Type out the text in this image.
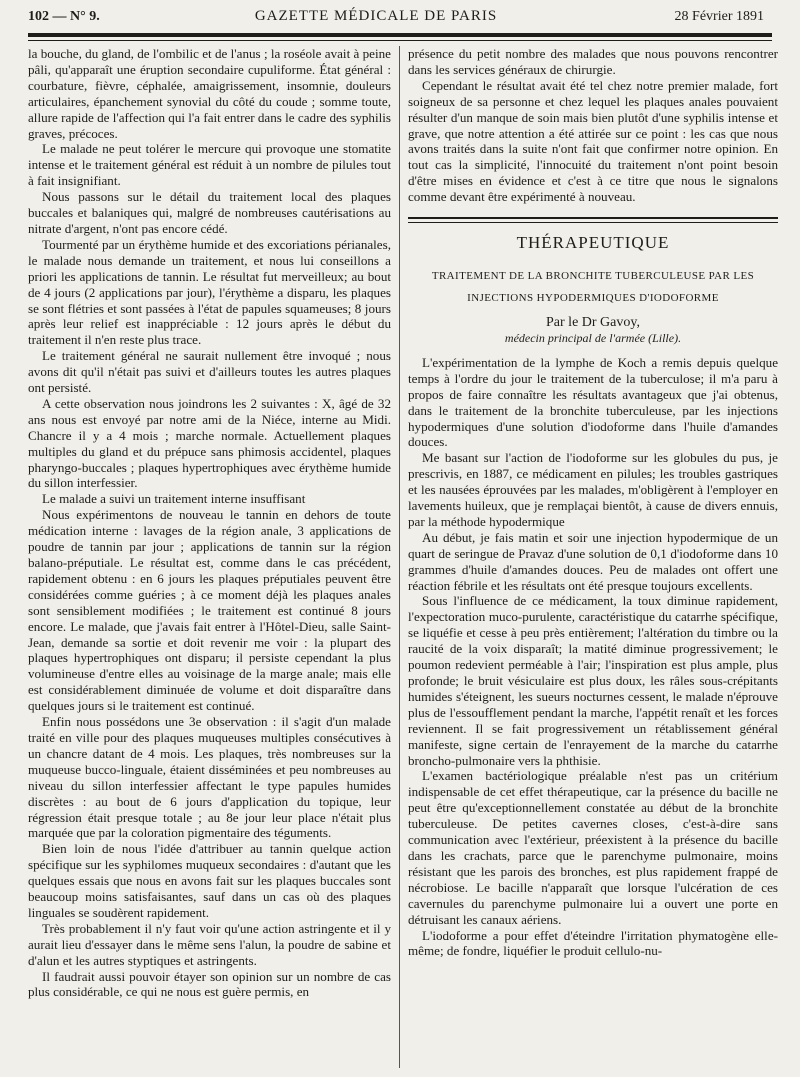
102 — N° 9.	GAZETTE MÉDICALE DE PARIS	28 Février 1891

la bouche, du gland, de l'ombilic et de l'anus ; la roséole avait à peine pâli, qu'apparaît une éruption secondaire cupuliforme. État général : courbature, fièvre, céphalée, amaigrissement, insomnie, douleurs articulaires, épanchement synovial du côté du coude ; somme toute, allure rapide de l'affection qui l'a fait entrer dans le cadre des syphilis graves, précoces.

Le malade ne peut tolérer le mercure qui provoque une stomatite intense et le traitement général est réduit à un nombre de pilules tout à fait insignifiant.

Nous passons sur le détail du traitement local des plaques buccales et balaniques qui, malgré de nombreuses cautérisations au nitrate d'argent, n'ont pas encore cédé.

Tourmenté par un érythème humide et des excoriations périanales, le malade nous demande un traitement, et nous lui conseillons a priori les applications de tannin. Le résultat fut merveilleux; au bout de 4 jours (2 applications par jour), l'érythème a disparu, les plaques se sont flétries et sont passées à l'état de papules squameuses; 8 jours après leur relief est inappréciable : 12 jours après le début du traitement il n'en reste plus trace.

Le traitement général ne saurait nullement être invoqué ; nous avons dit qu'il n'était pas suivi et d'ailleurs toutes les autres plaques ont persisté.

A cette observation nous joindrons les 2 suivantes : X, âgé de 32 ans nous est envoyé par notre ami de la Niéce, interne au Midi. Chancre il y a 4 mois ; marche normale. Actuellement plaques multiples du gland et du prépuce sans phimosis accidentel, plaques pharyngo-buccales ; plaques hypertrophiques avec érythème humide du sillon interfessier.

Le malade a suivi un traitement interne insuffisant

Nous expérimentons de nouveau le tannin en dehors de toute médication interne : lavages de la région anale, 3 applications de poudre de tannin par jour ; applications de tannin sur la région balano-préputiale. Le résultat est, comme dans le cas précédent, rapidement obtenu : en 6 jours les plaques préputiales peuvent être considérées comme guéries ; à ce moment déjà les plaques anales sont sensiblement modifiées ; le traitement est continué 8 jours encore. Le malade, que j'avais fait entrer à l'Hôtel-Dieu, salle Saint-Jean, demande sa sortie et doit revenir me voir : la plupart des plaques hypertrophiques ont disparu; il persiste cependant la plus volumineuse d'entre elles au voisinage de la marge anale; mais elle est considérablement diminuée de volume et doit disparaître dans quelques jours si le traitement est continué.

Enfin nous possédons une 3e observation : il s'agit d'un malade traité en ville pour des plaques muqueuses multiples consécutives à un chancre datant de 4 mois. Les plaques, très nombreuses sur la muqueuse bucco-linguale, étaient disséminées et peu nombreuses au niveau du sillon interfessier affectant le type papules humides discrètes : au bout de 6 jours d'application du topique, leur régression était presque totale ; au 8e jour leur place n'était plus marquée que par la coloration pigmentaire des téguments.

Bien loin de nous l'idée d'attribuer au tannin quelque action spécifique sur les syphilomes muqueux secondaires : d'autant que les quelques essais que nous en avons fait sur les plaques buccales sont beaucoup moins satisfaisantes, sauf dans un cas où des plaques linguales se soudèrent rapidement.

Très probablement il n'y faut voir qu'une action astringente et il y aurait lieu d'essayer dans le même sens l'alun, la poudre de sabine et d'alun et les autres styptiques et astringents.

Il faudrait aussi pouvoir étayer son opinion sur un nombre de cas plus considérable, ce qui ne nous est guère permis, en

présence du petit nombre des malades que nous pouvons rencontrer dans les services généraux de chirurgie.

Cependant le résultat avait été tel chez notre premier malade, fort soigneux de sa personne et chez lequel les plaques anales pouvaient résulter d'un manque de soin mais bien plutôt d'une syphilis intense et grave, que notre attention a été attirée sur ce point : les cas que nous avons traités dans la suite n'ont fait que confirmer notre opinion. En tout cas la simplicité, l'innocuité du traitement n'ont point besoin d'être mises en évidence et c'est à ce titre que nous le signalons comme devant être expérimenté à nouveau.

THÉRAPEUTIQUE
TRAITEMENT DE LA BRONCHITE TUBERCULEUSE PAR LES INJECTIONS HYPODERMIQUES D'IODOFORME
Par le Dr Gavoy,
médecin principal de l'armée (Lille).

L'expérimentation de la lymphe de Koch a remis depuis quelque temps à l'ordre du jour le traitement de la tuberculose; il m'a paru à propos de faire connaître les résultats avantageux que j'ai obtenus, dans le traitement de la bronchite tuberculeuse, par les injections hypodermiques d'une solution d'iodoforme dans l'huile d'amandes douces.

Me basant sur l'action de l'iodoforme sur les globules du pus, je prescrivis, en 1887, ce médicament en pilules; les troubles gastriques et les nausées éprouvées par les malades, m'obligèrent à l'employer en lavements huileux, que je remplaçai bientôt, à cause de divers ennuis, par la méthode hypodermique

Au début, je fais matin et soir une injection hypodermique de un quart de seringue de Pravaz d'une solution de 0,1 d'iodoforme dans 10 grammes d'huile d'amandes douces. Peu de malades ont offert une réaction fébrile et les résultats ont été presque toujours excellents.

Sous l'influence de ce médicament, la toux diminue rapidement, l'expectoration muco-purulente, caractéristique du catarrhe spécifique, se liquéfie et cesse à peu près entièrement; l'altération du timbre ou la raucité de la voix disparaît; la matité diminue progressivement; le poumon redevient perméable à l'air; l'inspiration est plus ample, plus profonde; le bruit vésiculaire est plus doux, les râles sous-crépitants humides s'éteignent, les sueurs nocturnes cessent, le malade n'éprouve plus de l'essoufflement pendant la marche, l'appétit renaît et les forces reviennent. Il se fait progressivement un rétablissement général manifeste, signe certain de l'enrayement de la marche du catarrhe broncho-pulmonaire vers la phthisie.

L'examen bactériologique préalable n'est pas un critérium indispensable de cet effet thérapeutique, car la présence du bacille ne peut être qu'exceptionnellement constatée au début de la bronchite tuberculeuse. De petites cavernes closes, c'est-à-dire sans communication avec l'extérieur, préexistent à la présence du bacille dans les crachats, parce que le parenchyme pulmonaire, moins résistant que les parois des bronches, est plus rapidement frappé de nécrobiose. Le bacille n'apparaît que lorsque l'ulcération de ces cavernules du parenchyme pulmonaire lui a ouvert une porte en détruisant les canaux aériens.

L'iodoforme a pour effet d'éteindre l'irritation phymatogène elle-même; de fondre, liquéfier le produit cellulo-nu-
